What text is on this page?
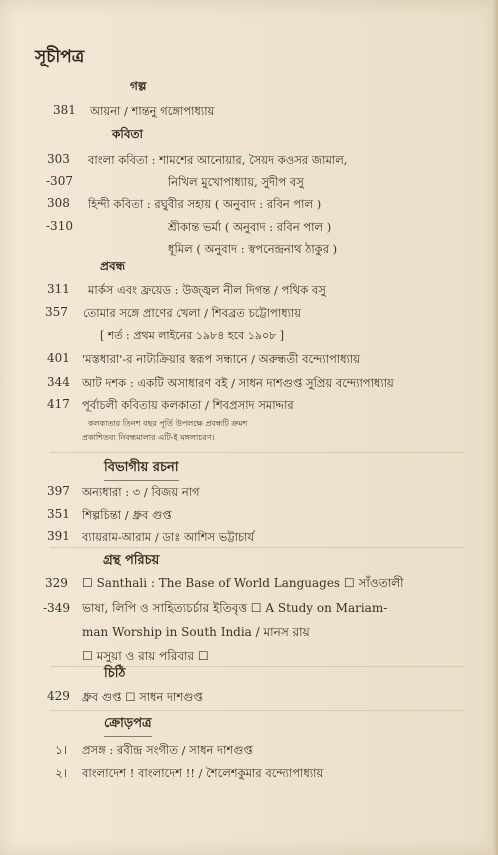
সূচীপত্র
গল্প
381 আয়না / শান্তনু গঙ্গোপাধ্যায়
কবিতা
303 বাংলা কবিতা : শামশের আনোয়ার, সৈয়দ কওসর জামাল,
-307	নিখিল মুখোপাধ্যায়, সুদীপ বসু
308 হিন্দী কবিতা : রঘুবীর সহায় ( অনুবাদ : রবিন পাল )
-310	শ্রীকান্ত ভর্মা ( অনুবাদ : রবিন পাল )
ধূমিল ( অনুবাদ : স্বপনেন্দ্রনাথ ঠাকুর )
প্রবন্ধ
311 মার্কস এবং ফ্রয়েড : উজ্জ্বল নীল দিগন্ত / পথিক বসু
357 তোমার সঙ্গে প্রাণের খেলা / শিবব্রত চট্টোপাধ্যায়
[ শর্ত : প্রথম লাইনের ১৯৮৪ হবে ১৯০৮ ]
401 'মস্তধারা'-র নাট্যক্রিয়ার স্বরূপ সন্ধানে / অরুন্ধতী বন্দ্যোপাধ্যায়
344 আট দশক : একটি অসাধারণ বই / সাধন দাশগুপ্ত সুপ্রিয় বন্দ্যোপাধ্যায়
417 পূর্বাচলী কবিতায় কলকাতা / শিবপ্রসাদ সমাদ্দার
কলকাতার তিনশ বছর পূর্তি উপলক্ষে প্রবন্ধটি ক্রমশ
প্রকাশিতব্য নিবন্ধমালার এটি-ই মঙ্গলাচরণ।
বিভাগীয় রচনা
397 অন্যধারা : ৩ / বিজয় নাগ
351 শিল্পচিন্তা / ধ্রুব গুপ্ত
391 ব্যায়রাম-আরাম / ডাঃ আশিস ভট্টাচার্য
গ্রন্থ পরিচয়
329 ☐ Santhali : The Base of World Languages ☐ সাঁওতালী
-349 ভাষা, লিপি ও সাহিত্যচর্চার ইতিবৃত্ত ☐ A Study on Mariam-
man Worship in South India / মানস রায়
☐ মসুয়া ও রায় পরিবার ☐
চিঠি
429 ধ্রুব গুপ্ত ☐ সাধন দাশগুপ্ত
ক্রোড়পত্র
১। প্রসঙ্গ : রবীন্দ্র সংগীত / সাধন দাশগুপ্ত
২। বাংলাদেশ ! বাংলাদেশ !! / শৈলেশকুমার বন্দ্যোপাধ্যায়
